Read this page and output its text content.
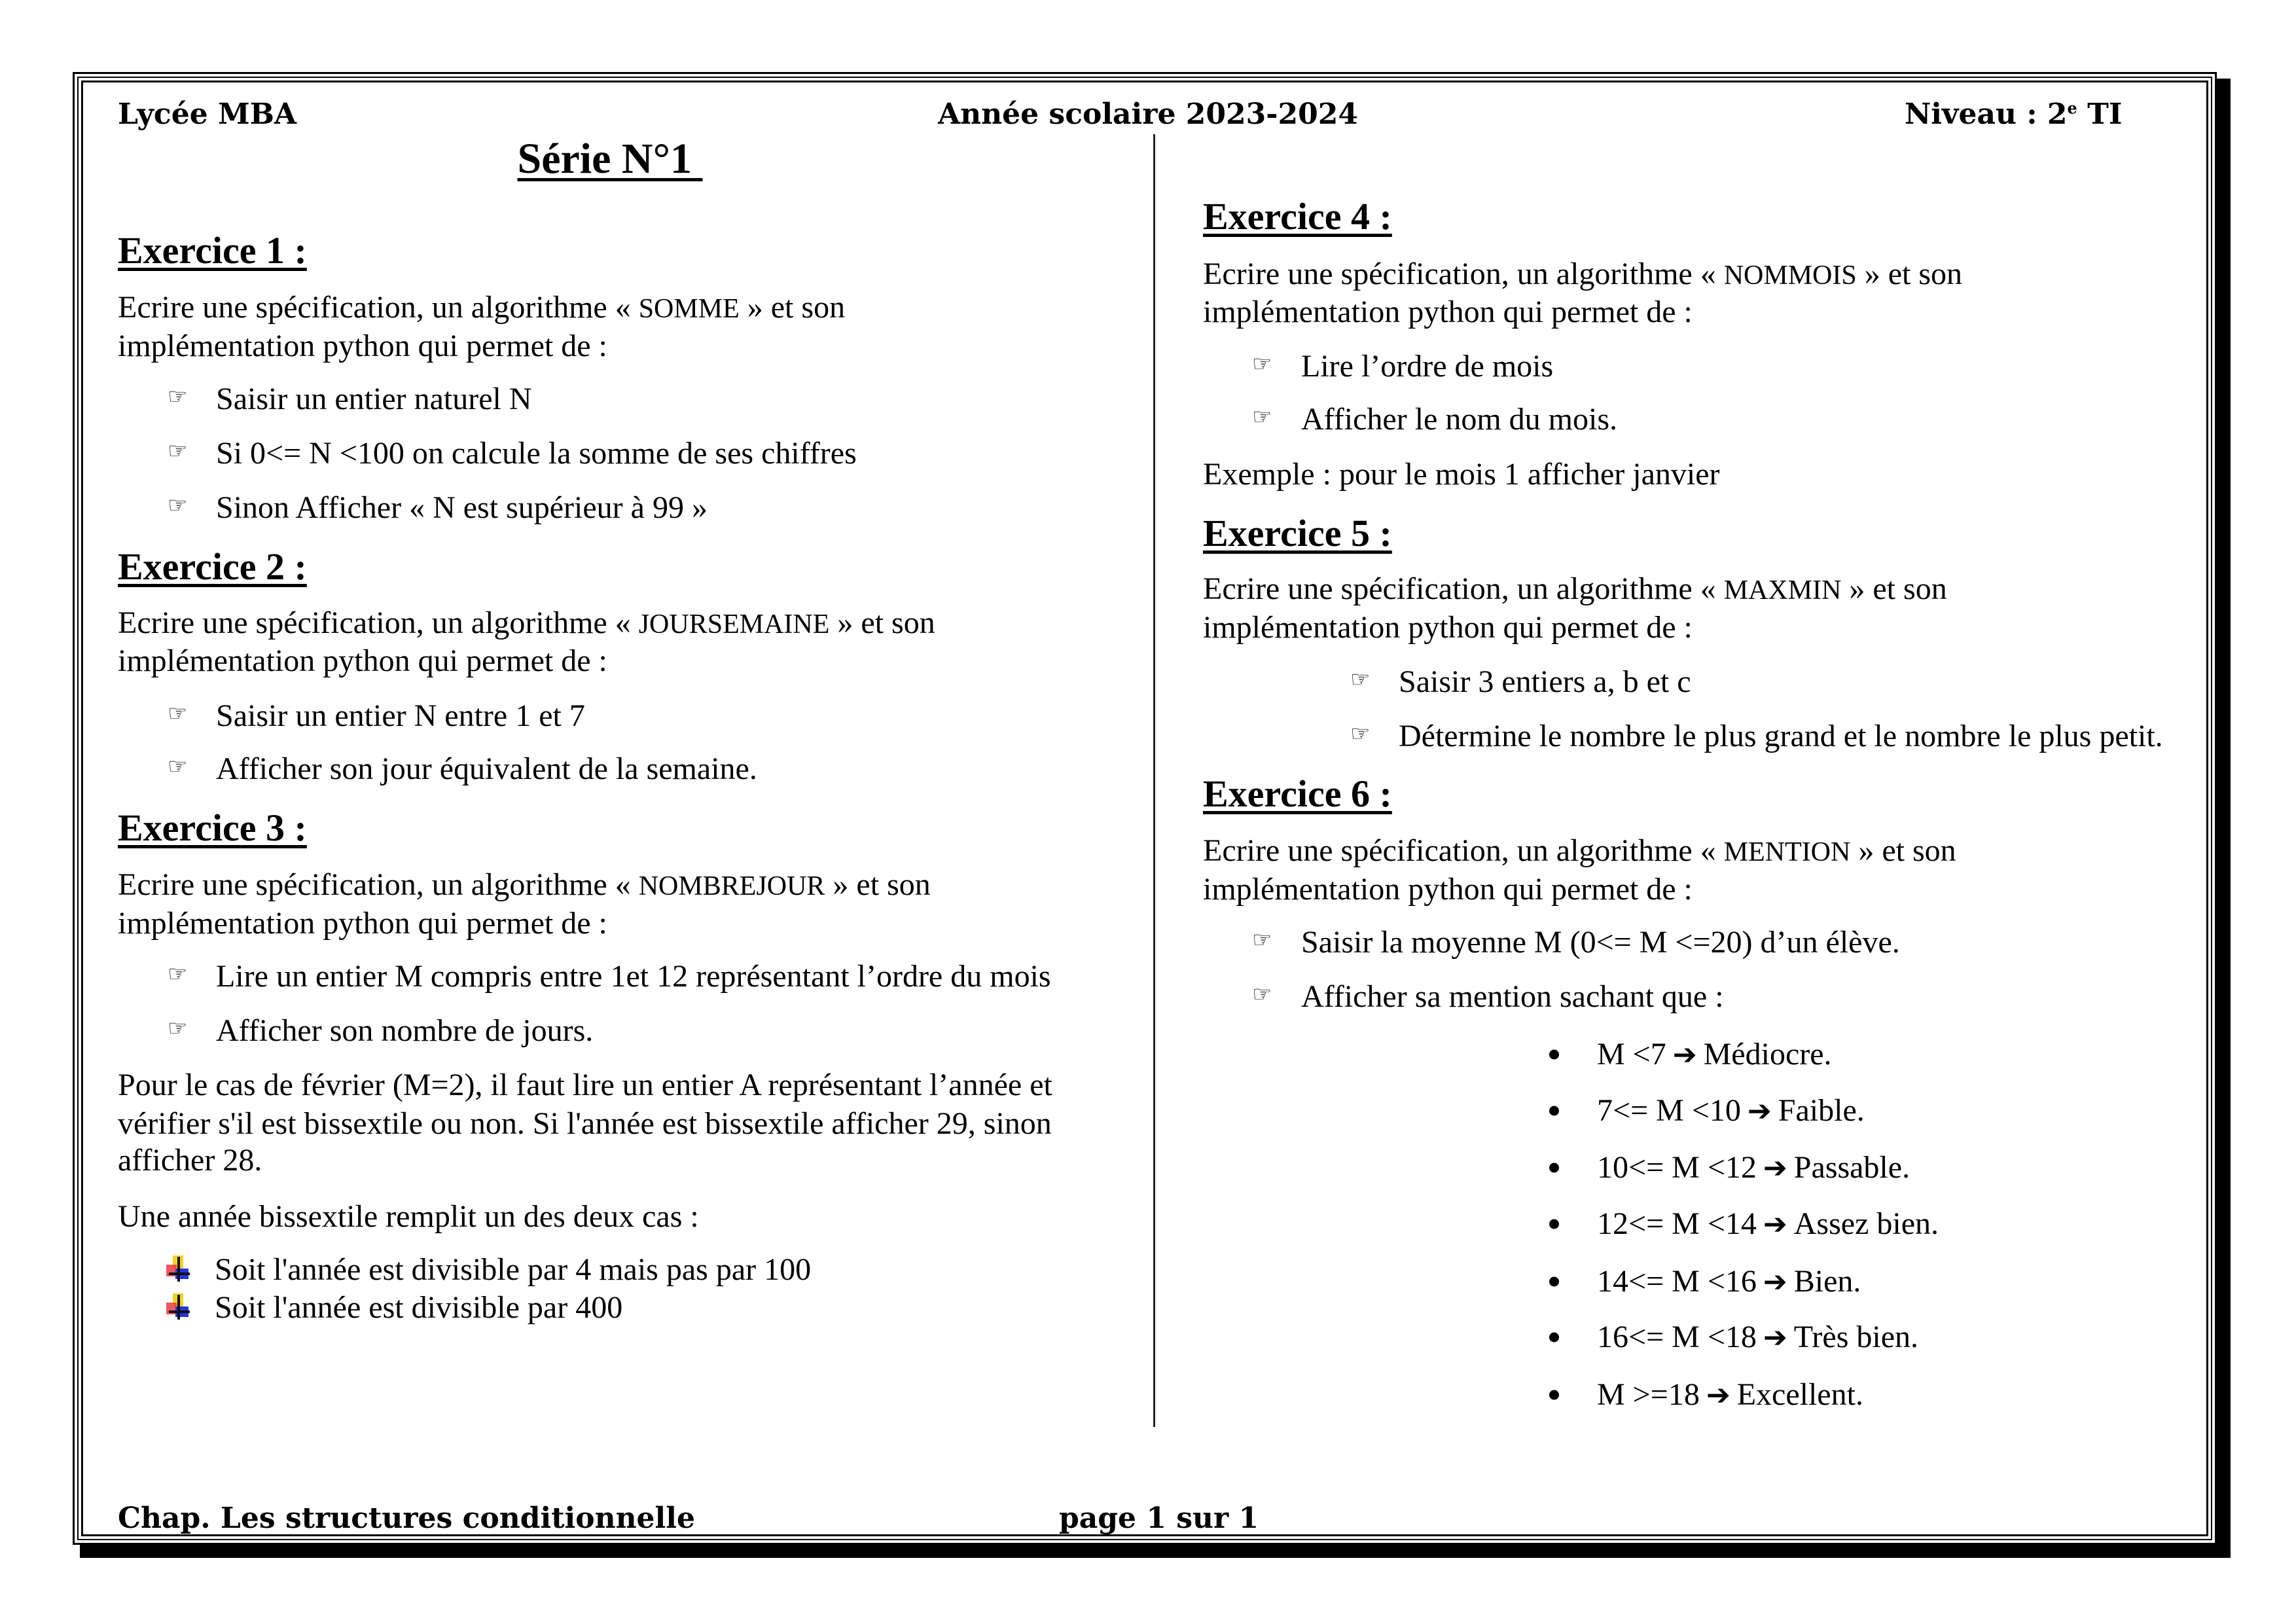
Lycée MBA	Année scolaire 2023-2024	Niveau : 2e TI
Série N°1
Exercice 1 :
Ecrire une spécification, un algorithme « SOMME » et son
implémentation python qui permet de :
☞ Saisir un entier naturel N
☞ Si 0<= N <100 on calcule la somme de ses chiffres
☞ Sinon Afficher « N est supérieur à 99 »
Exercice 2 :
Ecrire une spécification, un algorithme « JOURSEMAINE » et son
implémentation python qui permet de :
☞ Saisir un entier N entre 1 et 7
☞ Afficher son jour équivalent de la semaine.
Exercice 3 :
Ecrire une spécification, un algorithme « NOMBREJOUR » et son
implémentation python qui permet de :
☞ Lire un entier M compris entre 1et 12 représentant l’ordre du mois
☞ Afficher son nombre de jours.
Pour le cas de février (M=2), il faut lire un entier A représentant l’année et
vérifier s'il est bissextile ou non. Si l'année est bissextile afficher 29, sinon
afficher 28.
Une année bissextile remplit un des deux cas :
Soit l'année est divisible par 4 mais pas par 100
Soit l'année est divisible par 400
Exercice 4 :
Ecrire une spécification, un algorithme « NOMMOIS » et son
implémentation python qui permet de :
☞ Lire l’ordre de mois
☞ Afficher le nom du mois.
Exemple : pour le mois 1 afficher janvier
Exercice 5 :
Ecrire une spécification, un algorithme « MAXMIN » et son
implémentation python qui permet de :
☞ Saisir 3 entiers a, b et c
☞ Détermine le nombre le plus grand et le nombre le plus petit.
Exercice 6 :
Ecrire une spécification, un algorithme « MENTION » et son
implémentation python qui permet de :
☞ Saisir la moyenne M (0<= M <=20) d’un élève.
☞ Afficher sa mention sachant que :
M <7 ➔ Médiocre.
7<= M <10 ➔ Faible.
10<= M <12 ➔ Passable.
12<= M <14 ➔ Assez bien.
14<= M <16 ➔ Bien.
16<= M <18 ➔ Très bien.
M >=18 ➔ Excellent.
Chap. Les structures conditionnelle	page 1 sur 1
